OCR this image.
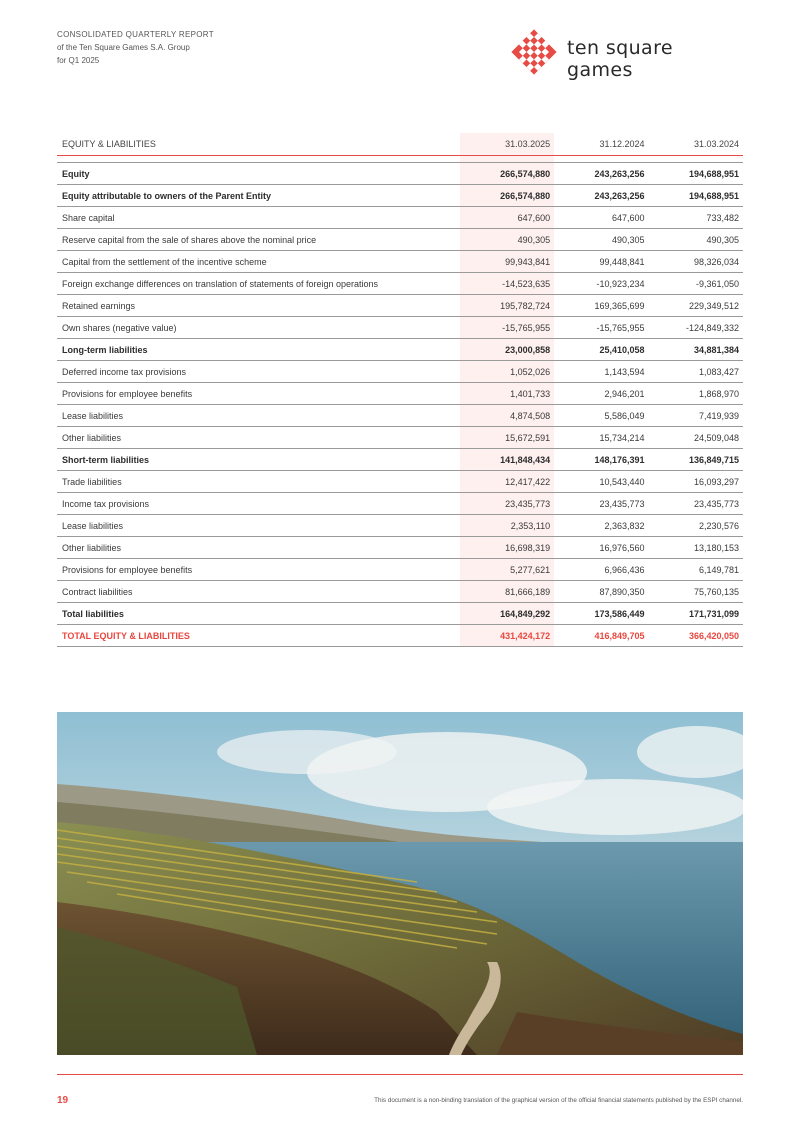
CONSOLIDATED QUARTERLY REPORT
of the Ten Square Games S.A. Group
for Q1 2025
ten square games
EQUITY & LIABILITIES	31.03.2025	31.12.2024	31.03.2024

Equity	266,574,880	243,263,256	194,688,951
Equity attributable to owners of the Parent Entity	266,574,880	243,263,256	194,688,951
Share capital	647,600	647,600	733,482
Reserve capital from the sale of shares above the nominal price	490,305	490,305	490,305
Capital from the settlement of the incentive scheme	99,943,841	99,448,841	98,326,034
Foreign exchange differences on translation of statements of foreign operations	-14,523,635	-10,923,234	-9,361,050
Retained earnings	195,782,724	169,365,699	229,349,512
Own shares (negative value)	-15,765,955	-15,765,955	-124,849,332
Long-term liabilities	23,000,858	25,410,058	34,881,384
Deferred income tax provisions	1,052,026	1,143,594	1,083,427
Provisions for employee benefits	1,401,733	2,946,201	1,868,970
Lease liabilities	4,874,508	5,586,049	7,419,939
Other liabilities	15,672,591	15,734,214	24,509,048
Short-term liabilities	141,848,434	148,176,391	136,849,715
Trade liabilities	12,417,422	10,543,440	16,093,297
Income tax provisions	23,435,773	23,435,773	23,435,773
Lease liabilities	2,353,110	2,363,832	2,230,576
Other liabilities	16,698,319	16,976,560	13,180,153
Provisions for employee benefits	5,277,621	6,966,436	6,149,781
Contract liabilities	81,666,189	87,890,350	75,760,135
Total liabilities	164,849,292	173,586,449	171,731,099
TOTAL EQUITY & LIABILITIES	431,424,172	416,849,705	366,420,050
19	This document is a non-binding translation of the graphical version of the official financial statements published by the ESPI channel.
